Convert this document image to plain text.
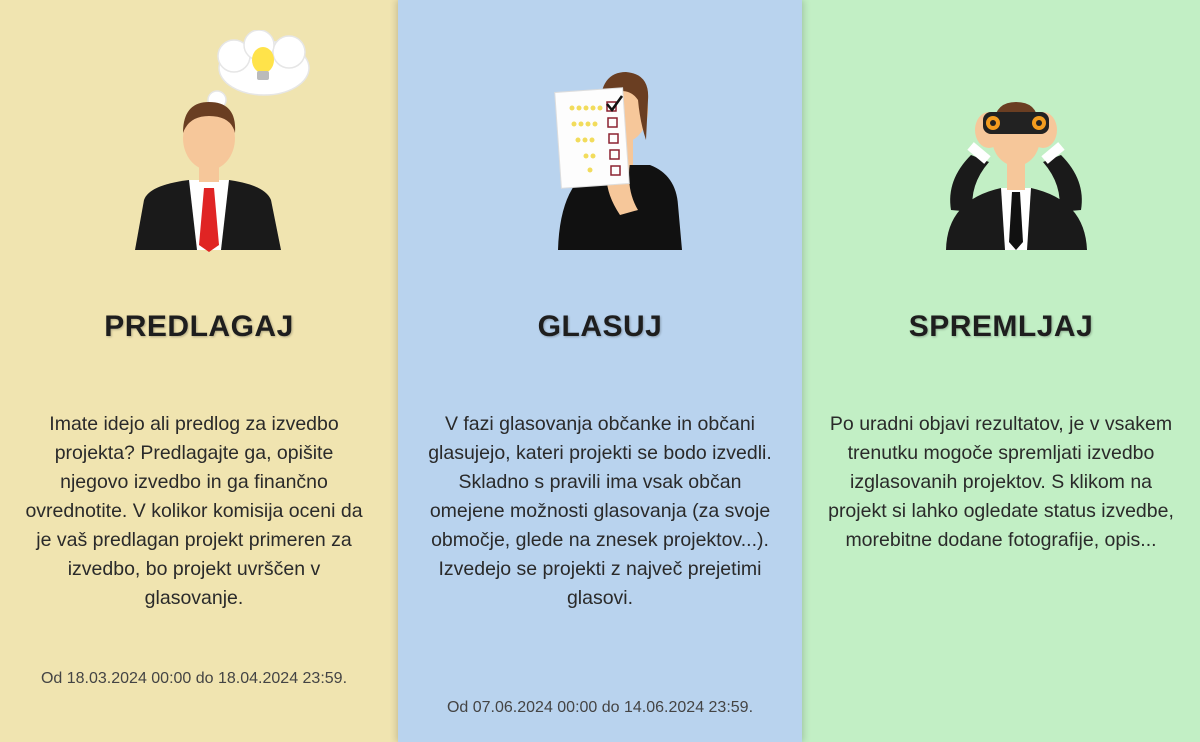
PREDLAGAJ
Imate idejo ali predlog za izvedbo projekta? Predlagajte ga, opišite njegovo izvedbo in ga finančno ovrednotite. V kolikor komisija oceni da je vaš predlagan projekt primeren za izvedbo, bo projekt uvrščen v glasovanje.
Od 18.03.2024 00:00 do 18.04.2024 23:59.
GLASUJ
V fazi glasovanja občanke in občani glasujejo, kateri projekti se bodo izvedli. Skladno s pravili ima vsak občan omejene možnosti glasovanja (za svoje območje, glede na znesek projektov...). Izvedejo se projekti z največ prejetimi glasovi.
Od 07.06.2024 00:00 do 14.06.2024 23:59.
SPREMLJAJ
Po uradni objavi rezultatov, je v vsakem trenutku mogoče spremljati izvedbo izglasovanih projektov. S klikom na projekt si lahko ogledate status izvedbe, morebitne dodane fotografije, opis...
